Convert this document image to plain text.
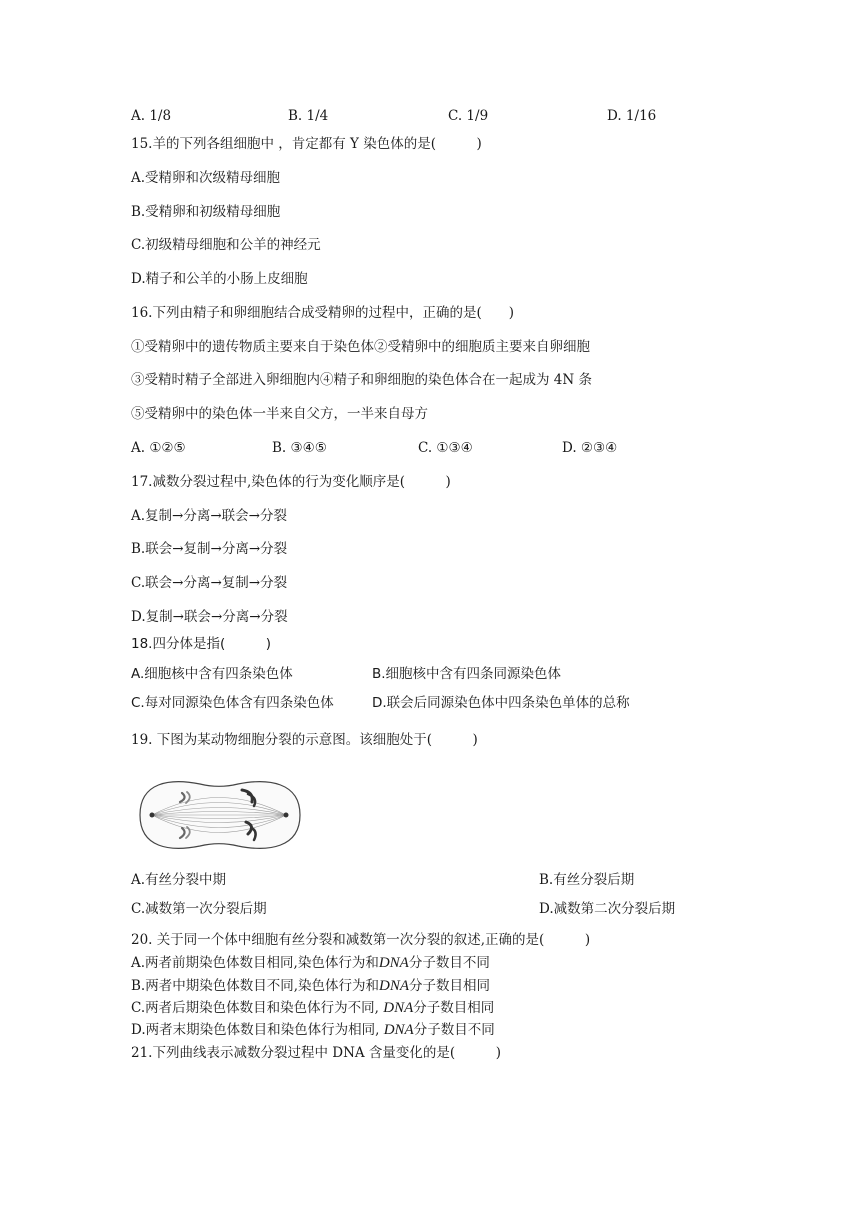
A. 1/8	B. 1/4	C. 1/9	D. 1/16
15.羊的下列各组细胞中 ，肯定都有 Y 染色体的是(　　　)
A.受精卵和次级精母细胞
B.受精卵和初级精母细胞
C.初级精母细胞和公羊的神经元
D.精子和公羊的小肠上皮细胞
16.下列由精子和卵细胞结合成受精卵的过程中，正确的是(　　)
①受精卵中的遗传物质主要来自于染色体②受精卵中的细胞质主要来自卵细胞
③受精时精子全部进入卵细胞内④精子和卵细胞的染色体合在一起成为 4N 条
⑤受精卵中的染色体一半来自父方，一半来自母方
A. ①②⑤	B. ③④⑤	C. ①③④	D. ②③④
17.减数分裂过程中,染色体的行为变化顺序是(　　　)
A.复制→分离→联会→分裂
B.联会→复制→分离→分裂
C.联会→分离→复制→分裂
D.复制→联会→分离→分裂
18.四分体是指(　　　)
A.细胞核中含有四条染色体	B.细胞核中含有四条同源染色体
C.每对同源染色体含有四条染色体	D.联会后同源染色体中四条染色单体的总称
19. 下图为某动物细胞分裂的示意图。该细胞处于(　　　)
A.有丝分裂中期	B.有丝分裂后期
C.减数第一次分裂后期	D.减数第二次分裂后期
20. 关于同一个体中细胞有丝分裂和减数第一次分裂的叙述,正确的是(　　　)
A.两者前期染色体数目相同,染色体行为和DNA分子数目不同
B.两者中期染色体数目不同,染色体行为和DNA分子数目相同
C.两者后期染色体数目和染色体行为不同, DNA分子数目相同
D.两者末期染色体数目和染色体行为相同, DNA分子数目不同
21.下列曲线表示减数分裂过程中 DNA 含量变化的是(　　　)
